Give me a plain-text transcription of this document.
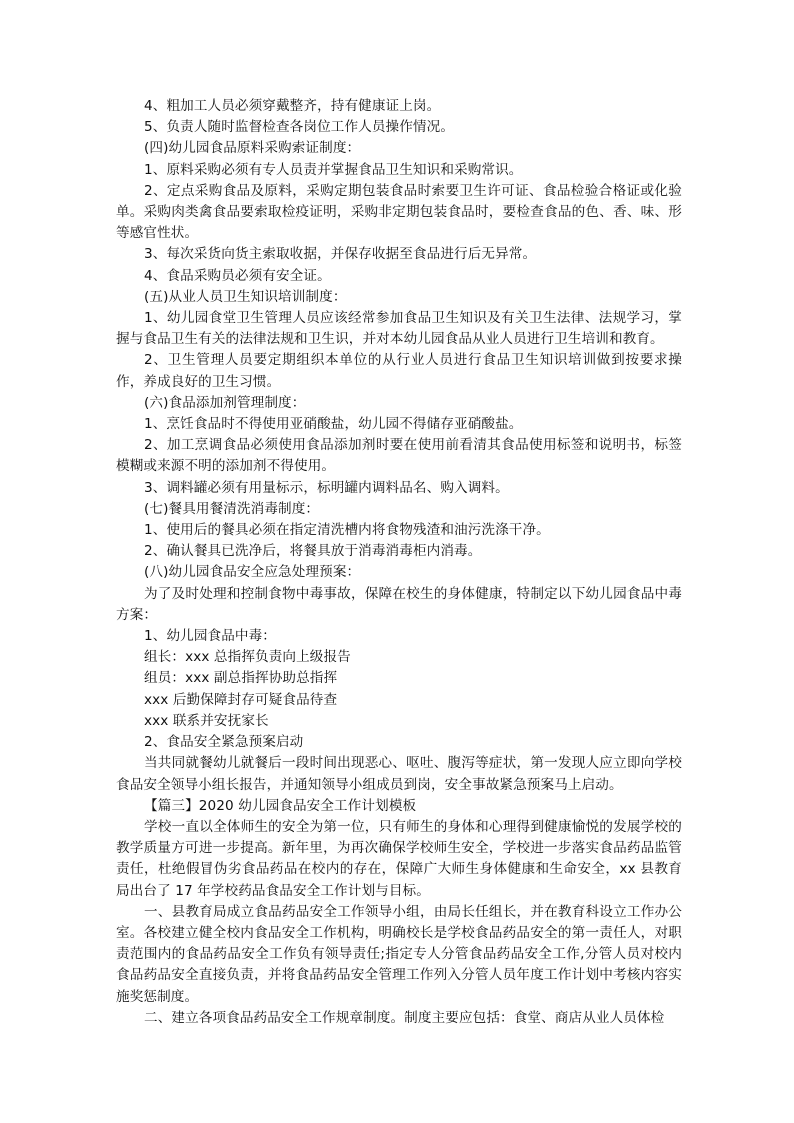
4、粗加工人员必须穿戴整齐，持有健康证上岗。

5、负责人随时监督检查各岗位工作人员操作情况。

(四)幼儿园食品原料采购索证制度：

1、原料采购必须有专人员责并掌握食品卫生知识和采购常识。

2、定点采购食品及原料，采购定期包装食品时索要卫生许可证、食品检验合格证或化验单。采购肉类禽食品要索取检疫证明，采购非定期包装食品时，要检查食品的色、香、味、形等感官性状。

3、每次采货向货主索取收据，并保存收据至食品进行后无异常。

4、食品采购员必须有安全证。

(五)从业人员卫生知识培训制度：

1、幼儿园食堂卫生管理人员应该经常参加食品卫生知识及有关卫生法律、法规学习，掌握与食品卫生有关的法律法规和卫生识，并对本幼儿园食品从业人员进行卫生培训和教育。

2、卫生管理人员要定期组织本单位的从行业人员进行食品卫生知识培训做到按要求操作，养成良好的卫生习惯。

(六)食品添加剂管理制度：

1、烹饪食品时不得使用亚硝酸盐，幼儿园不得储存亚硝酸盐。

2、加工烹调食品必须使用食品添加剂时要在使用前看清其食品使用标签和说明书，标签模糊或来源不明的添加剂不得使用。

3、调料罐必须有用量标示，标明罐内调料品名、购入调料。

(七)餐具用餐清洗消毒制度：

1、使用后的餐具必须在指定清洗槽内将食物残渣和油污洗涤干净。

2、确认餐具已洗净后，将餐具放于消毒消毒柜内消毒。

(八)幼儿园食品安全应急处理预案：

为了及时处理和控制食物中毒事故，保障在校生的身体健康，特制定以下幼儿园食品中毒方案：

1、幼儿园食品中毒：

组长：xxx 总指挥负责向上级报告

组员：xxx 副总指挥协助总指挥

xxx 后勤保障封存可疑食品待查

xxx 联系并安抚家长

2、食品安全紧急预案启动

当共同就餐幼儿就餐后一段时间出现恶心、呕吐、腹泻等症状，第一发现人应立即向学校食品安全领导小组长报告，并通知领导小组成员到岗，安全事故紧急预案马上启动。

【篇三】2020 幼儿园食品安全工作计划模板

学校一直以全体师生的安全为第一位，只有师生的身体和心理得到健康愉悦的发展学校的教学质量方可进一步提高。新年里，为再次确保学校师生安全，学校进一步落实食品药品监管责任，杜绝假冒伪劣食品药品在校内的存在，保障广大师生身体健康和生命安全，xx 县教育局出台了 17 年学校药品食品安全工作计划与目标。

一、县教育局成立食品药品安全工作领导小组，由局长任组长，并在教育科设立工作办公室。各校建立健全校内食品安全工作机构，明确校长是学校食品药品安全的第一责任人，对职责范围内的食品药品安全工作负有领导责任;指定专人分管食品药品安全工作,分管人员对校内食品药品安全直接负责，并将食品药品安全管理工作列入分管人员年度工作计划中考核内容实施奖惩制度。

二、建立各项食品药品安全工作规章制度。制度主要应包括：食堂、商店从业人员体检
